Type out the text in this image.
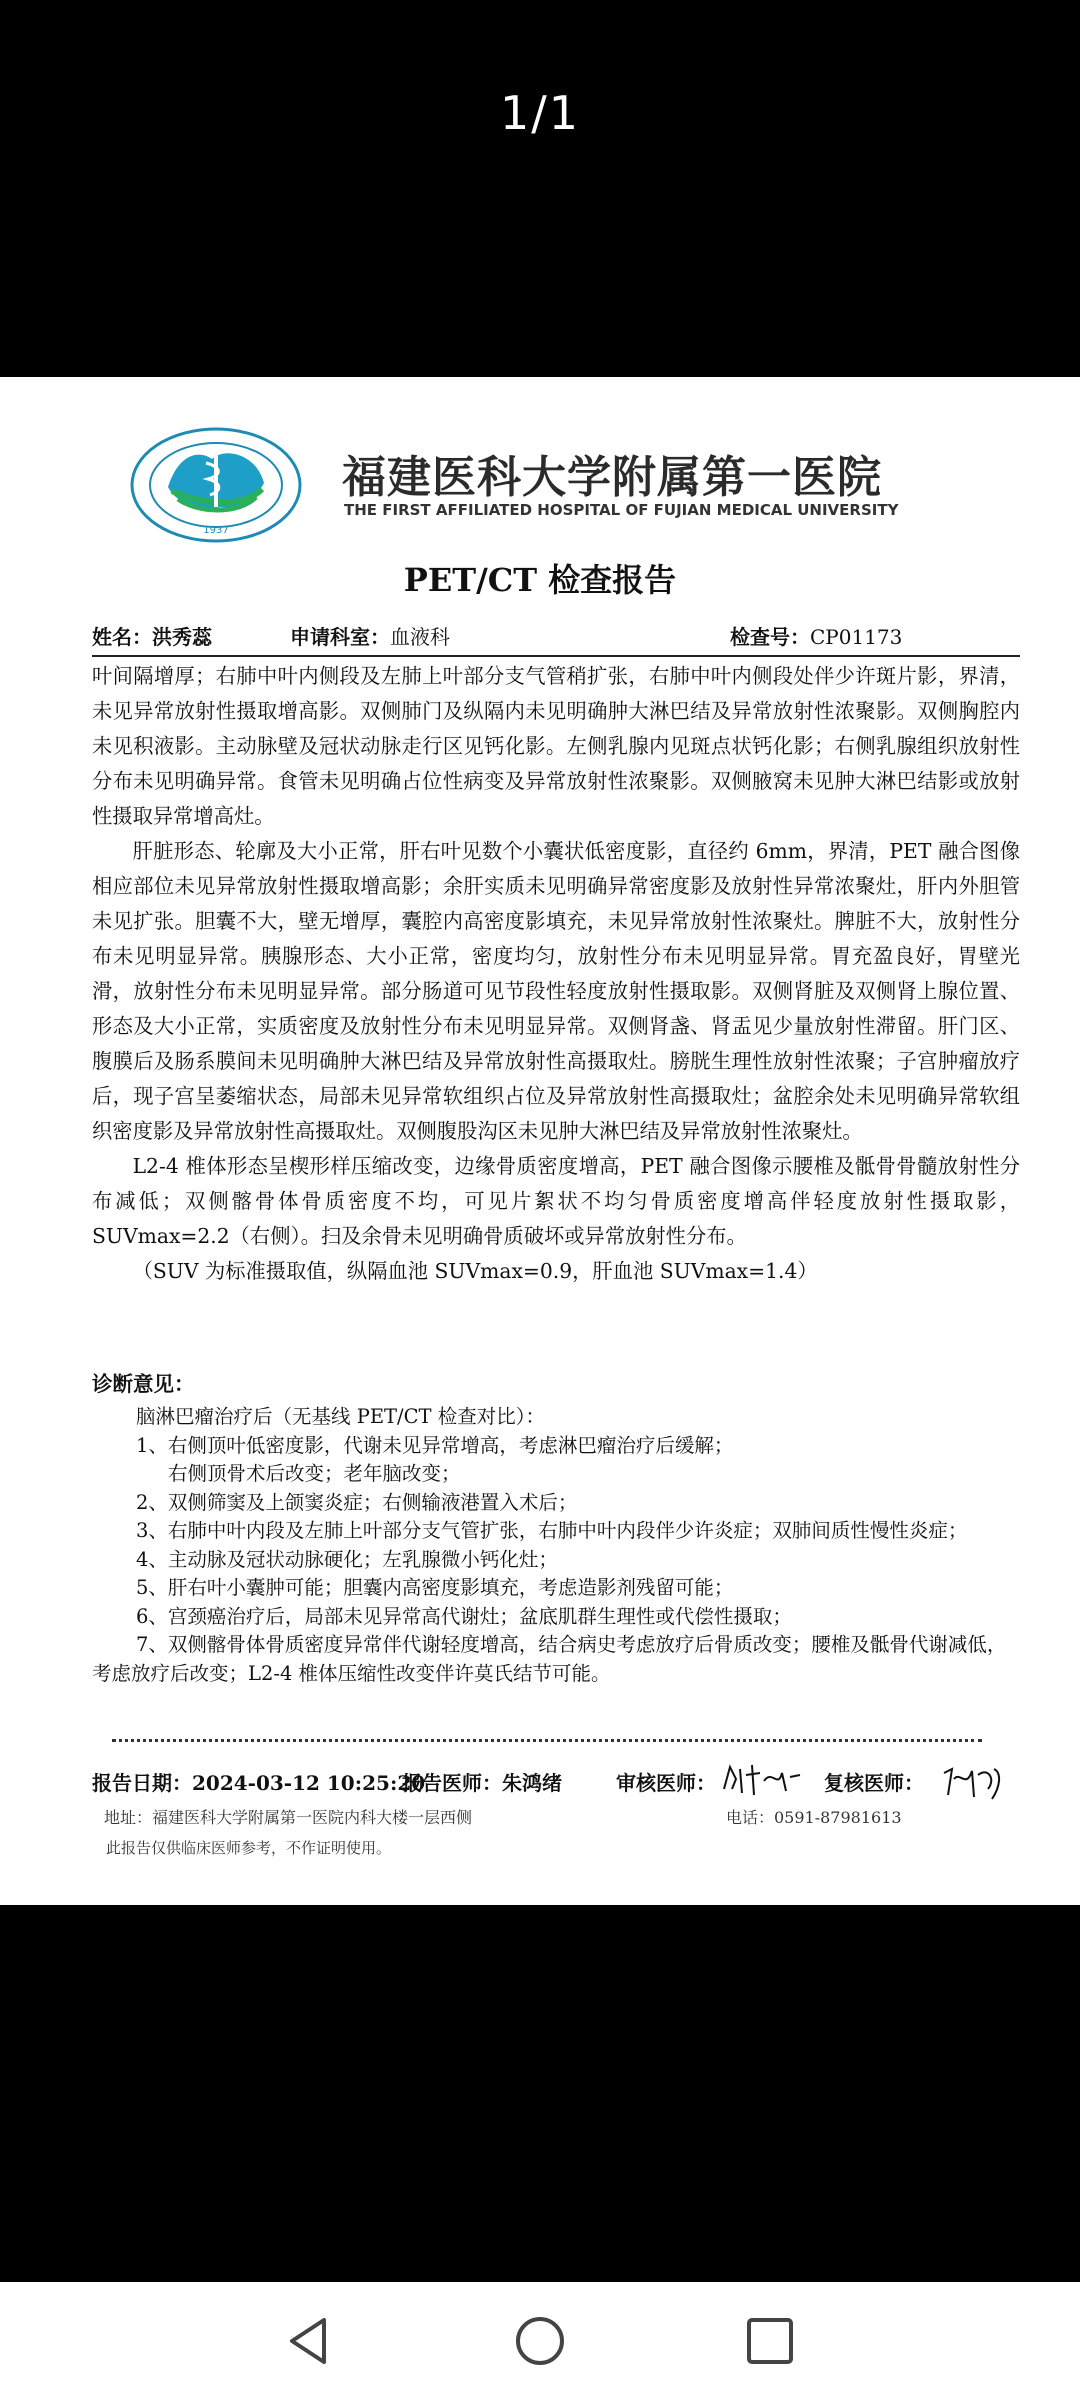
1/1
1937
福建医科大学附属第一医院
THE FIRST AFFILIATED HOSPITAL OF FUJIAN MEDICAL UNIVERSITY
PET/CT 检查报告
姓名：洪秀蕊	申请科室：血液科	检查号：CP01173

叶间隔增厚；右肺中叶内侧段及左肺上叶部分支气管稍扩张，右肺中叶内侧段处伴少许斑片影，界清，未见异常放射性摄取增高影。双侧肺门及纵隔内未见明确肿大淋巴结及异常放射性浓聚影。双侧胸腔内未见积液影。主动脉壁及冠状动脉走行区见钙化影。左侧乳腺内见斑点状钙化影；右侧乳腺组织放射性分布未见明确异常。食管未见明确占位性病变及异常放射性浓聚影。双侧腋窝未见肿大淋巴结影或放射性摄取异常增高灶。

肝脏形态、轮廓及大小正常，肝右叶见数个小囊状低密度影，直径约 6mm，界清，PET 融合图像相应部位未见异常放射性摄取增高影；余肝实质未见明确异常密度影及放射性异常浓聚灶，肝内外胆管未见扩张。胆囊不大，壁无增厚，囊腔内高密度影填充，未见异常放射性浓聚灶。脾脏不大，放射性分布未见明显异常。胰腺形态、大小正常，密度均匀，放射性分布未见明显异常。胃充盈良好，胃壁光滑，放射性分布未见明显异常。部分肠道可见节段性轻度放射性摄取影。双侧肾脏及双侧肾上腺位置、形态及大小正常，实质密度及放射性分布未见明显异常。双侧肾盏、肾盂见少量放射性滞留。肝门区、腹膜后及肠系膜间未见明确肿大淋巴结及异常放射性高摄取灶。膀胱生理性放射性浓聚；子宫肿瘤放疗后，现子宫呈萎缩状态，局部未见异常软组织占位及异常放射性高摄取灶；盆腔余处未见明确异常软组织密度影及异常放射性高摄取灶。双侧腹股沟区未见肿大淋巴结及异常放射性浓聚灶。

L2-4 椎体形态呈楔形样压缩改变，边缘骨质密度增高，PET 融合图像示腰椎及骶骨骨髓放射性分布减低；双侧髂骨体骨质密度不均，可见片絮状不均匀骨质密度增高伴轻度放射性摄取影，SUVmax=2.2（右侧）。扫及余骨未见明确骨质破坏或异常放射性分布。

（SUV 为标准摄取值，纵隔血池 SUVmax=0.9，肝血池 SUVmax=1.4）

诊断意见：
脑淋巴瘤治疗后（无基线 PET/CT 检查对比）：
1、右侧顶叶低密度影，代谢未见异常增高，考虑淋巴瘤治疗后缓解；
右侧顶骨术后改变；老年脑改变；
2、双侧筛窦及上颌窦炎症；右侧输液港置入术后；
3、右肺中叶内段及左肺上叶部分支气管扩张，右肺中叶内段伴少许炎症；双肺间质性慢性炎症；
4、主动脉及冠状动脉硬化；左乳腺微小钙化灶；
5、肝右叶小囊肿可能；胆囊内高密度影填充，考虑造影剂残留可能；
6、宫颈癌治疗后，局部未见异常高代谢灶；盆底肌群生理性或代偿性摄取；
7、双侧髂骨体骨质密度异常伴代谢轻度增高，结合病史考虑放疗后骨质改变；腰椎及骶骨代谢减低，考虑放疗后改变；L2-4 椎体压缩性改变伴许莫氏结节可能。
报告日期：2024-03-12 10:25:20
报告医师：朱鸿绪	审核医师：	复核医师：
地址：福建医科大学附属第一医院内科大楼一层西侧	电话：0591-87981613
此报告仅供临床医师参考，不作证明使用。
